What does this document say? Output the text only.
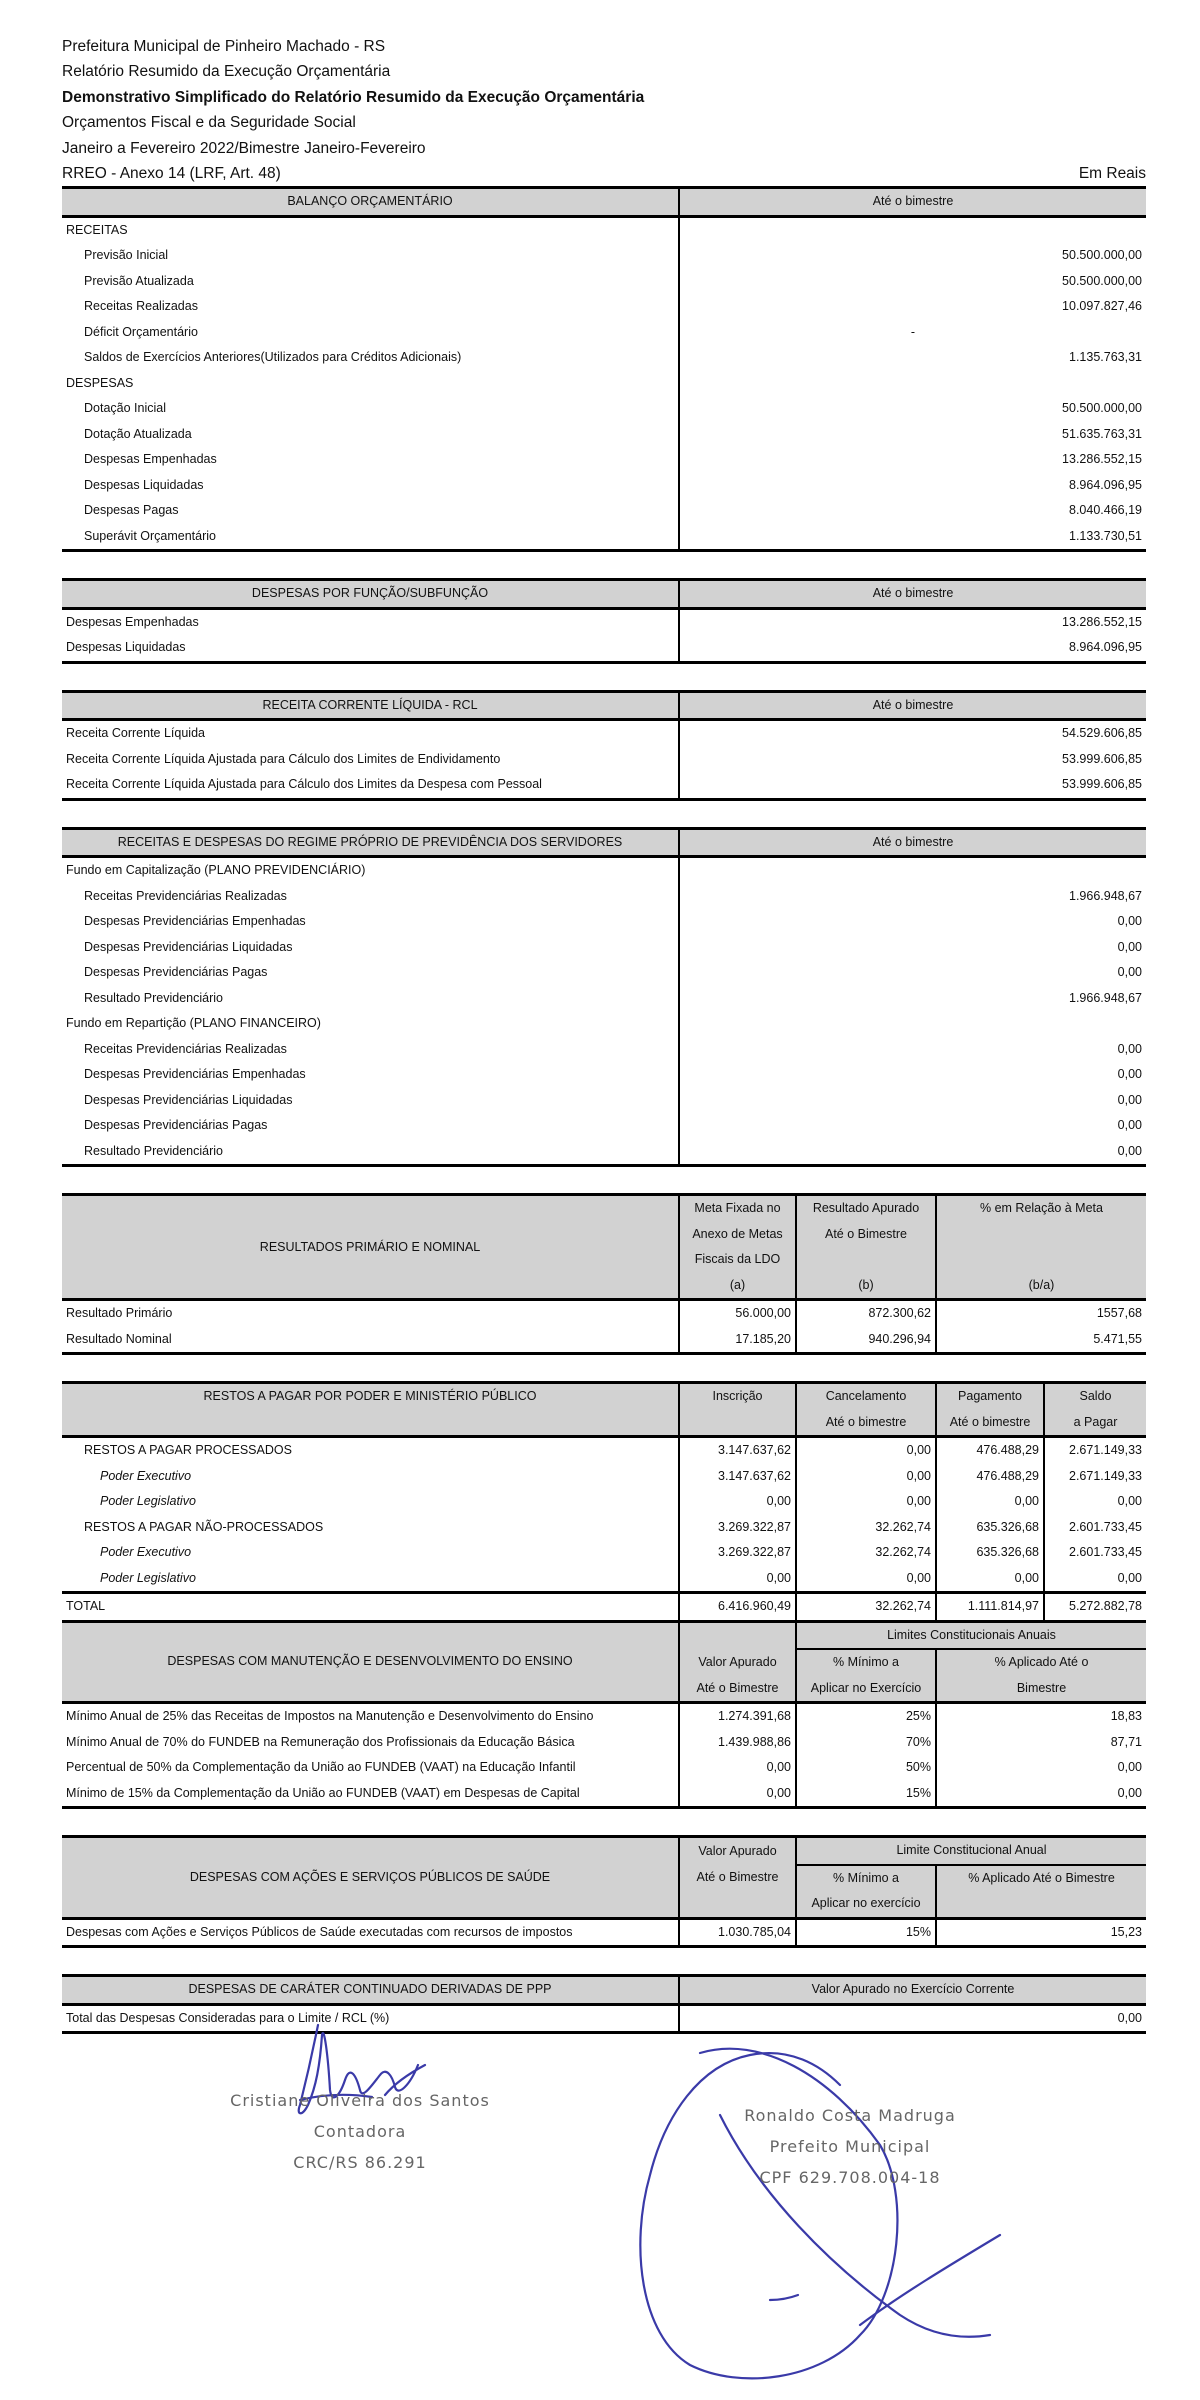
Prefeitura Municipal de Pinheiro Machado - RS
Relatório Resumido da Execução Orçamentária
Demonstrativo Simplificado do Relatório Resumido da Execução Orçamentária
Orçamentos Fiscal e da Seguridade Social
Janeiro a Fevereiro 2022/Bimestre Janeiro-Fevereiro
RREO - Anexo 14 (LRF, Art. 48)	Em Reais
BALANÇO ORÇAMENTÁRIO	Até o bimestre
RECEITAS	
Previsão Inicial	50.500.000,00
Previsão Atualizada	50.500.000,00
Receitas Realizadas	10.097.827,46
Déficit Orçamentário	-
Saldos de Exercícios Anteriores(Utilizados para Créditos Adicionais)	1.135.763,31
DESPESAS	
Dotação Inicial	50.500.000,00
Dotação Atualizada	51.635.763,31
Despesas Empenhadas	13.286.552,15
Despesas Liquidadas	8.964.096,95
Despesas Pagas	8.040.466,19
Superávit Orçamentário	1.133.730,51
DESPESAS POR FUNÇÃO/SUBFUNÇÃO	Até o bimestre
Despesas Empenhadas	13.286.552,15
Despesas Liquidadas	8.964.096,95
RECEITA CORRENTE LÍQUIDA - RCL	Até o bimestre
Receita Corrente Líquida	54.529.606,85
Receita Corrente Líquida Ajustada para Cálculo dos Limites de Endividamento	53.999.606,85
Receita Corrente Líquida Ajustada para Cálculo dos Limites da Despesa com Pessoal	53.999.606,85
RECEITAS E DESPESAS DO REGIME PRÓPRIO DE PREVIDÊNCIA DOS SERVIDORES	Até o bimestre
Fundo em Capitalização (PLANO PREVIDENCIÁRIO)	
Receitas Previdenciárias Realizadas	1.966.948,67
Despesas Previdenciárias Empenhadas	0,00
Despesas Previdenciárias Liquidadas	0,00
Despesas Previdenciárias Pagas	0,00
Resultado Previdenciário	1.966.948,67
Fundo em Repartição (PLANO FINANCEIRO)	
Receitas Previdenciárias Realizadas	0,00
Despesas Previdenciárias Empenhadas	0,00
Despesas Previdenciárias Liquidadas	0,00
Despesas Previdenciárias Pagas	0,00
Resultado Previdenciário	0,00
RESULTADOS PRIMÁRIO E NOMINAL	Meta Fixada no	Resultado Apurado	% em Relação à Meta
	Anexo de Metas	Até o Bimestre	
	Fiscais da LDO		
	(a)	(b)	(b/a)
Resultado Primário	56.000,00	872.300,62	1557,68
Resultado Nominal	17.185,20	940.296,94	5.471,55
RESTOS A PAGAR POR PODER E MINISTÉRIO PÚBLICO	Inscrição	Cancelamento	Pagamento	Saldo
		Até o bimestre	Até o bimestre	a Pagar
RESTOS A PAGAR PROCESSADOS	3.147.637,62	0,00	476.488,29	2.671.149,33
Poder Executivo	3.147.637,62	0,00	476.488,29	2.671.149,33
Poder Legislativo	0,00	0,00	0,00	0,00
RESTOS A PAGAR NÃO-PROCESSADOS	3.269.322,87	32.262,74	635.326,68	2.601.733,45
Poder Executivo	3.269.322,87	32.262,74	635.326,68	2.601.733,45
Poder Legislativo	0,00	0,00	0,00	0,00
TOTAL	6.416.960,49	32.262,74	1.111.814,97	5.272.882,78
DESPESAS COM MANUTENÇÃO E DESENVOLVIMENTO DO ENSINO		Limites Constitucionais Anuais	
	Valor Apurado	% Mínimo a	% Aplicado Até o
	Até o Bimestre	Aplicar no Exercício	Bimestre
Mínimo Anual de 25% das Receitas de Impostos na Manutenção e Desenvolvimento do Ensino	1.274.391,68	25%	18,83
Mínimo Anual de 70% do FUNDEB na Remuneração dos Profissionais da Educação Básica	1.439.988,86	70%	87,71
Percentual de 50% da Complementação da União ao FUNDEB (VAAT) na Educação Infantil	0,00	50%	0,00
Mínimo de 15% da Complementação da União ao FUNDEB (VAAT) em Despesas de Capital	0,00	15%	0,00
DESPESAS COM AÇÕES E SERVIÇOS PÚBLICOS DE SAÚDE	Valor Apurado	Limite Constitucional Anual	
	Até o Bimestre	% Mínimo a	% Aplicado Até o Bimestre
		Aplicar no exercício	
Despesas com Ações e Serviços Públicos de Saúde executadas com recursos de impostos	1.030.785,04	15%	15,23
DESPESAS DE CARÁTER CONTINUADO DERIVADAS DE PPP	Valor Apurado no Exercício Corrente
Total das Despesas Consideradas para o Limite / RCL (%)	0,00
Cristiane Oliveira dos Santos
Contadora
CRC/RS 86.291
Ronaldo Costa Madruga
Prefeito Municipal
CPF 629.708.004-18
